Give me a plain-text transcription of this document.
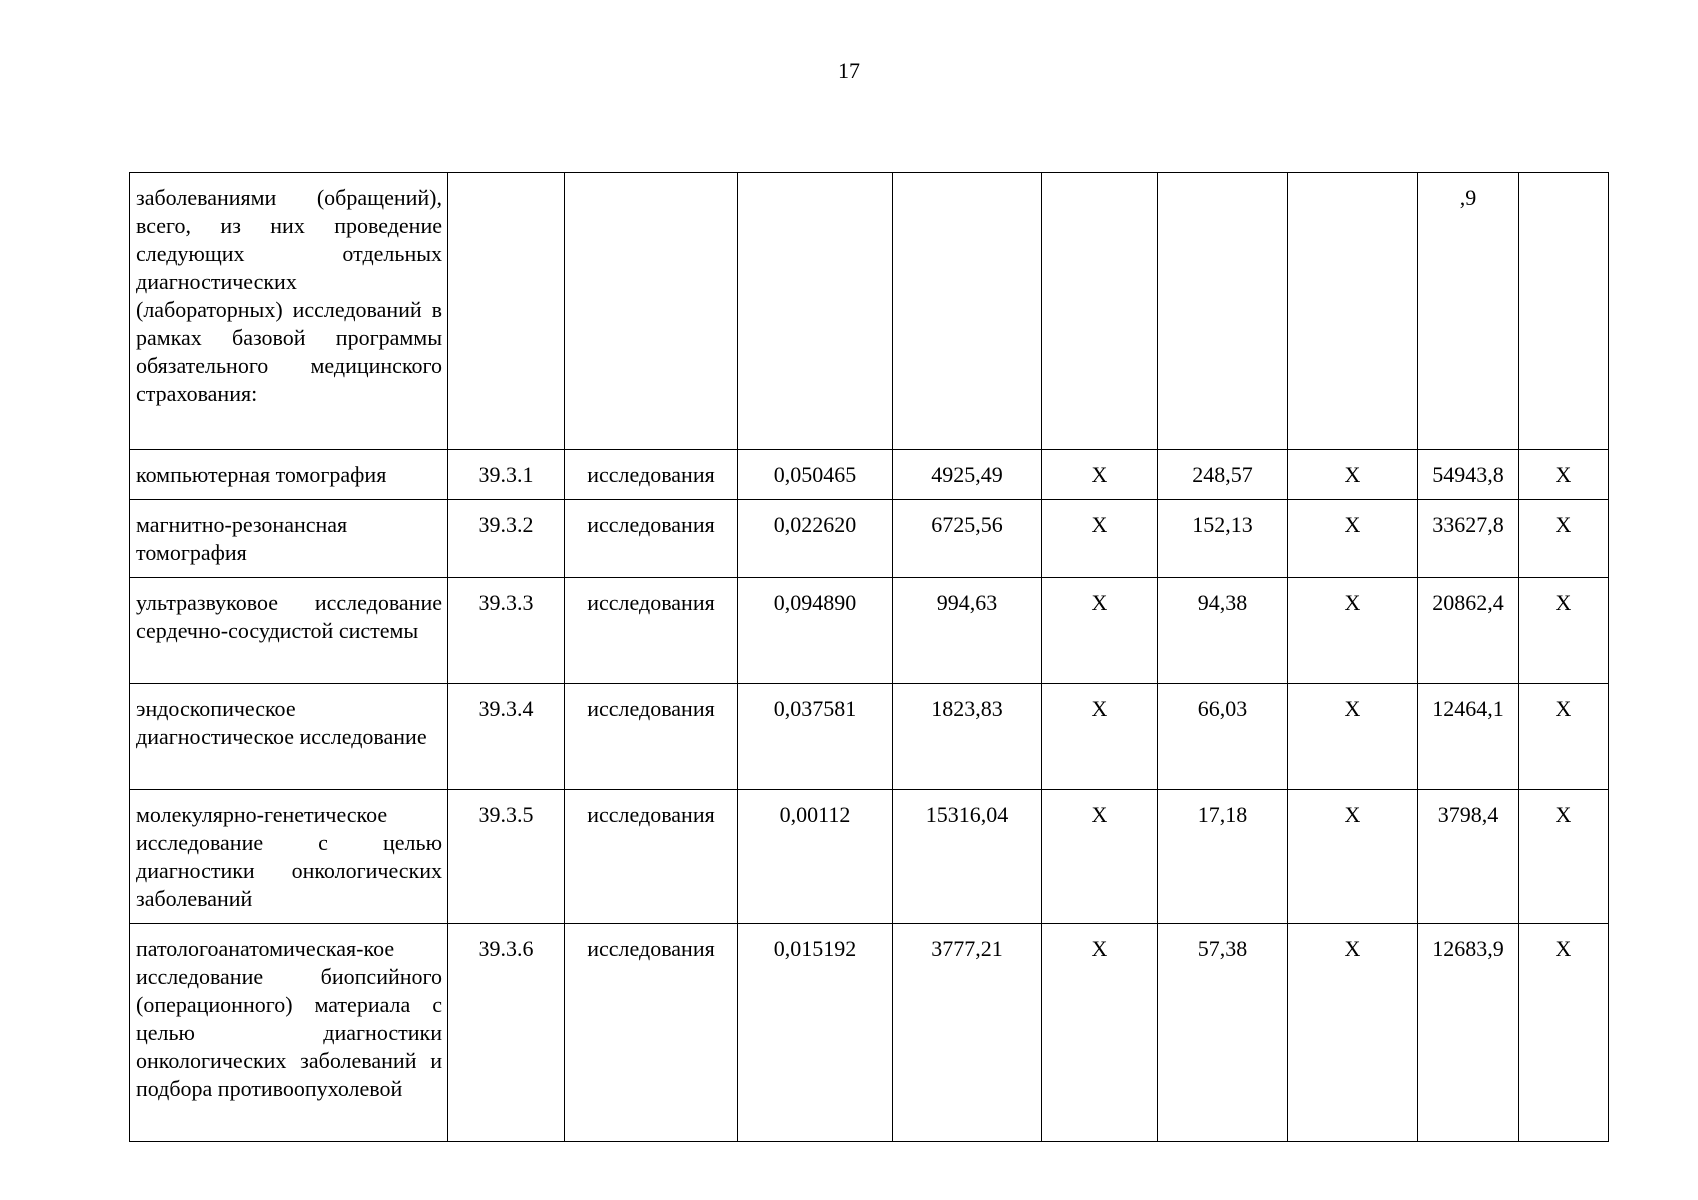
17
заболеваниями (обращений), всего, из них проведение следующих отдельных диагностических (лабораторных) исследований в рамках базовой программы обязательного медицинского страхования:								,9	
компьютерная томография	39.3.1	исследования	0,050465	4925,49	X	248,57	X	54943,8	X
магнитно-резонансная томография	39.3.2	исследования	0,022620	6725,56	X	152,13	X	33627,8	X
ультразвуковое исследование сердечно-сосудистой системы	39.3.3	исследования	0,094890	994,63	X	94,38	X	20862,4	X
эндоскопическое диагностическое исследование	39.3.4	исследования	0,037581	1823,83	X	66,03	X	12464,1	X
молекулярно-генетическое исследование с целью диагностики онкологических заболеваний	39.3.5	исследования	0,00112	15316,04	X	17,18	X	3798,4	X
патологоанатомическая-кое исследование биопсийного (операционного) материала с целью диагностики онкологических заболеваний и подбора противоопухолевой	39.3.6	исследования	0,015192	3777,21	X	57,38	X	12683,9	X
